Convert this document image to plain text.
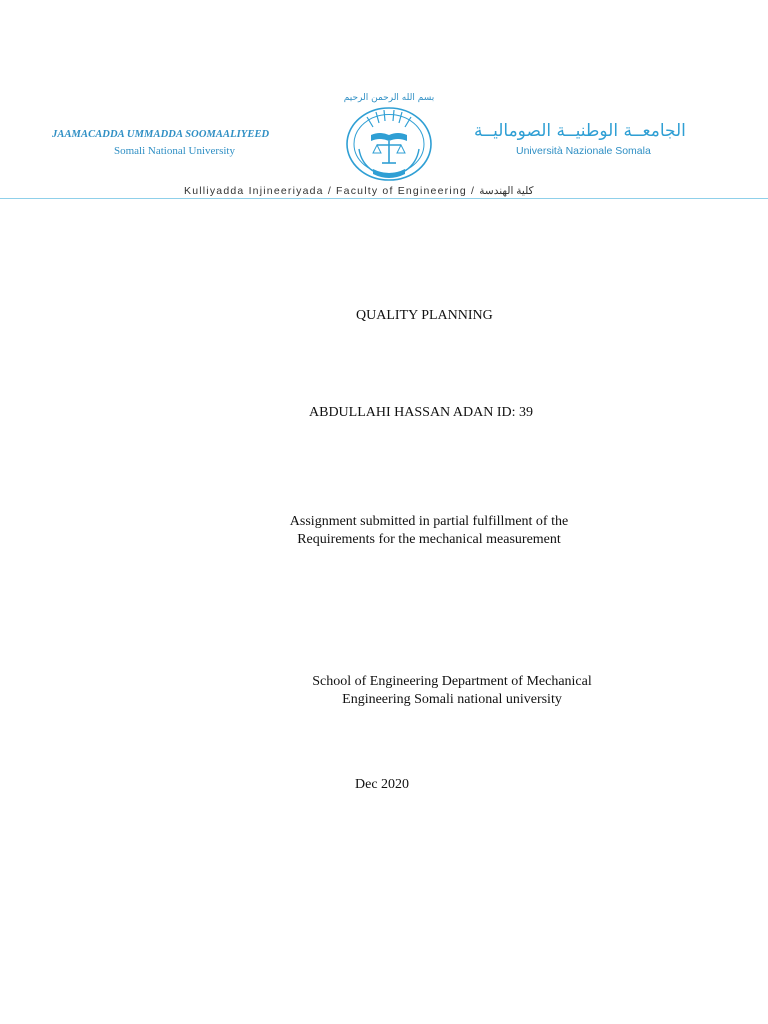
بسم الله الرحمن الرحيم
JAAMACADDA UMMADDA SOOMAALIYEED
Somali National University
الجامعــة الوطنيــة الصوماليــة
Università Nazionale Somala
Kulliyadda Injineeriyada / Faculty of Engineering / كلية الهندسة
QUALITY PLANNING
ABDULLAHI HASSAN ADAN ID: 39
Assignment submitted in partial fulfillment of the
Requirements for the mechanical measurement
School of Engineering Department of Mechanical
Engineering Somali national university
Dec 2020
